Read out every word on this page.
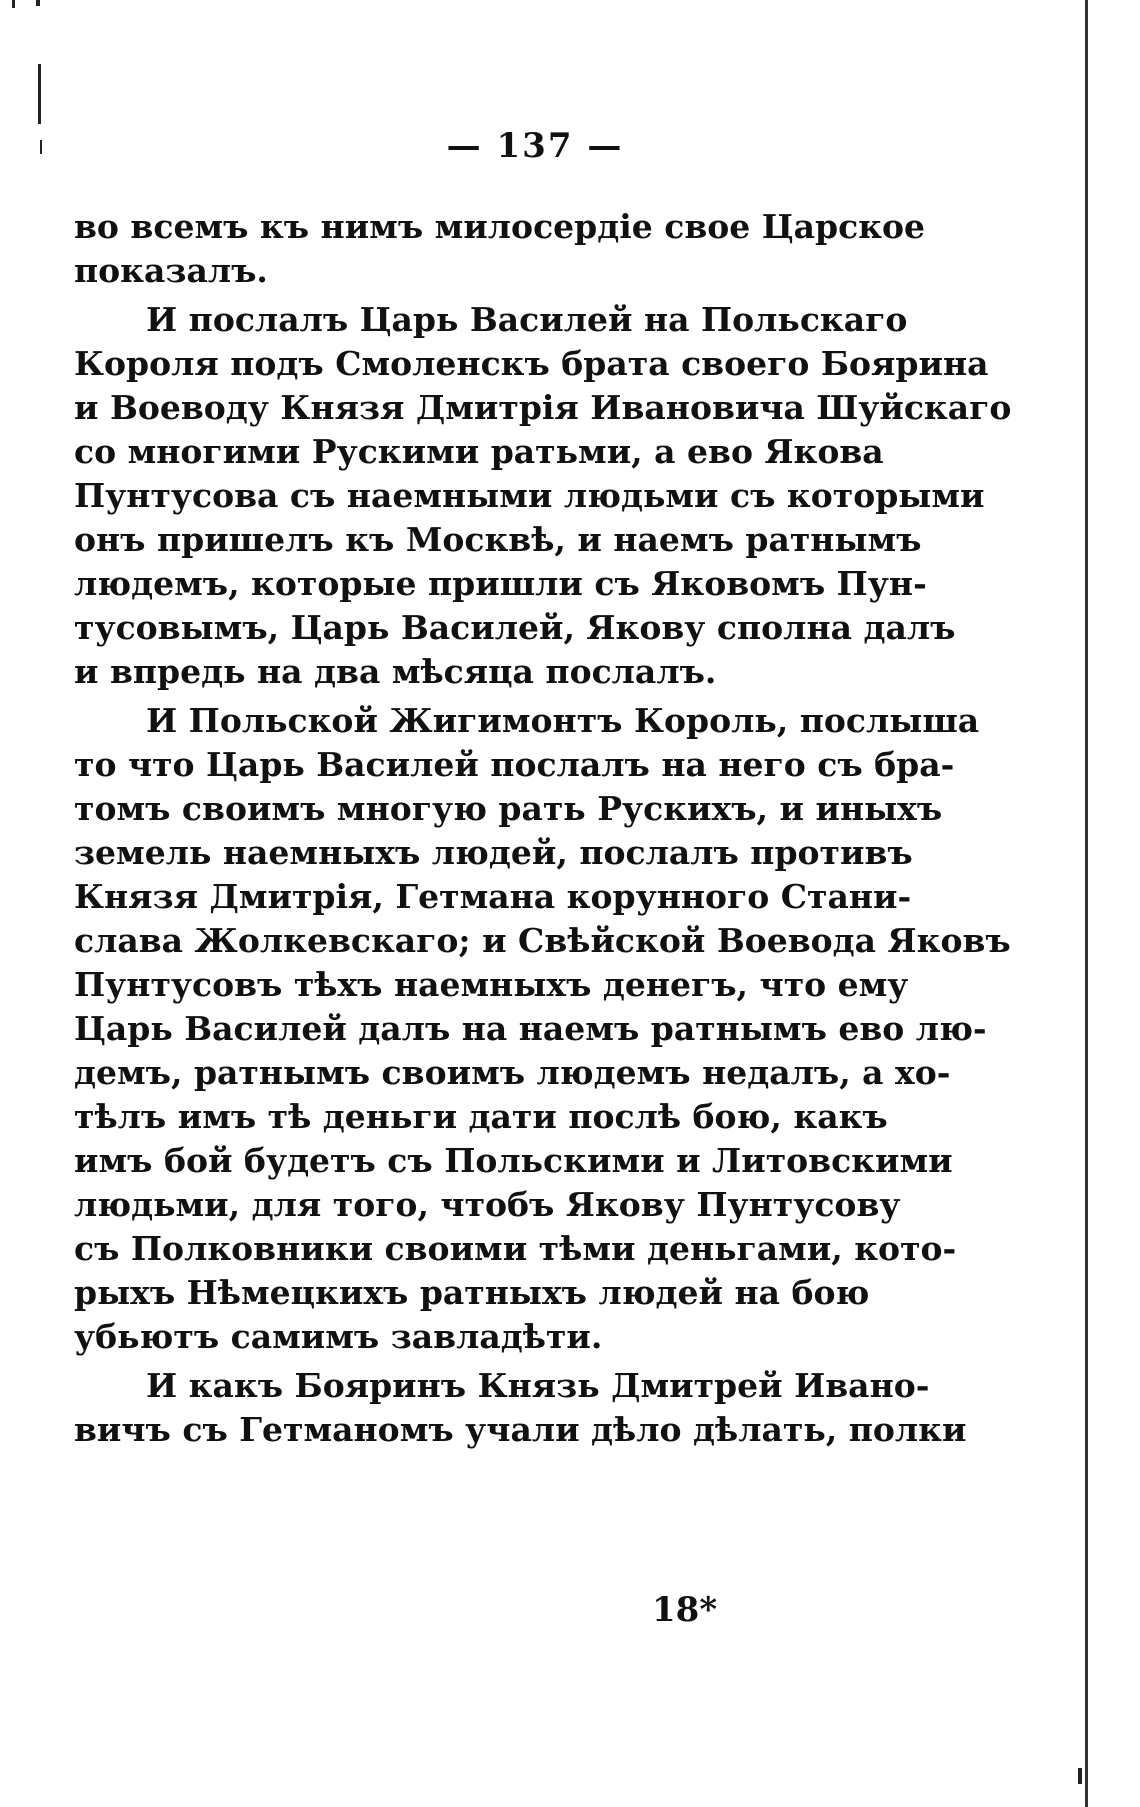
— 137 —
во всемъ къ нимъ милосердіе свое Царское
показалъ.
И послалъ Царь Василей на Польскаго
Короля подъ Смоленскъ брата своего Боярина
и Воеводу Князя Дмитрія Ивановича Шуйскаго
со многими Рускими ратьми, а ево Якова
Пунтусова съ наемными людьми съ которыми
онъ пришелъ къ Москвѣ, и наемъ ратнымъ
людемъ, которые пришли съ Яковомъ Пун-
тусовымъ, Царь Василей, Якову сполна далъ
и впредь на два мѣсяца послалъ.
И Польской Жигимонтъ Король, послыша
то что Царь Василей послалъ на него съ бра-
томъ своимъ многую рать Рускихъ, и иныхъ
земель наемныхъ людей, послалъ противъ
Князя Дмитрія, Гетмана корунного Стани-
слава Жолкевскаго; и Свѣйской Воевода Яковъ
Пунтусовъ тѣхъ наемныхъ денегъ, что ему
Царь Василей далъ на наемъ ратнымъ ево лю-
демъ, ратнымъ своимъ людемъ недалъ, а хо-
тѣлъ имъ тѣ деньги дати послѣ бою, какъ
имъ бой будетъ съ Польскими и Литовскими
людьми, для того, чтобъ Якову Пунтусову
съ Полковники своими тѣми деньгами, кото-
рыхъ Нѣмецкихъ ратныхъ людей на бою
убьютъ самимъ завладѣти.
И какъ Бояринъ Князь Дмитрей Ивано-
вичъ съ Гетманомъ учали дѣло дѣлать, полки
18*
